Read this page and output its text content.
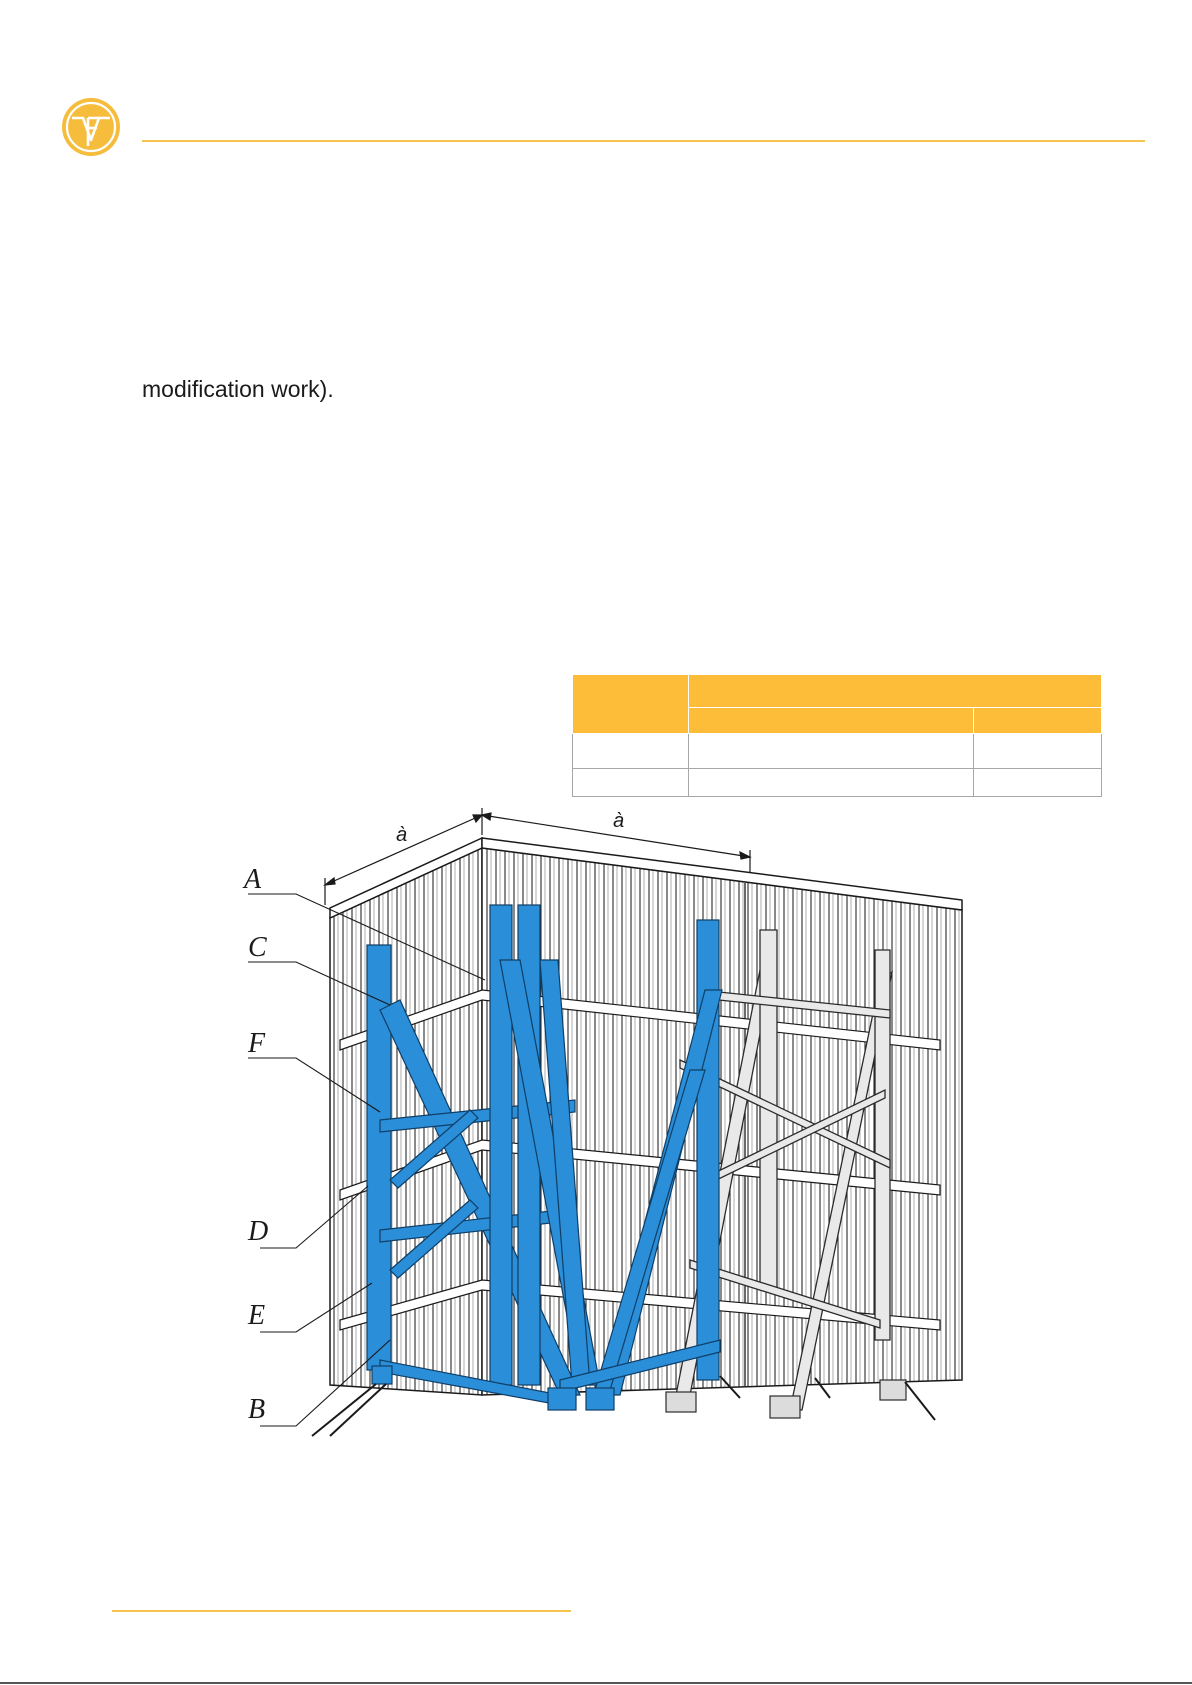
modification work).

à
à
A
C
F
D
E
B
